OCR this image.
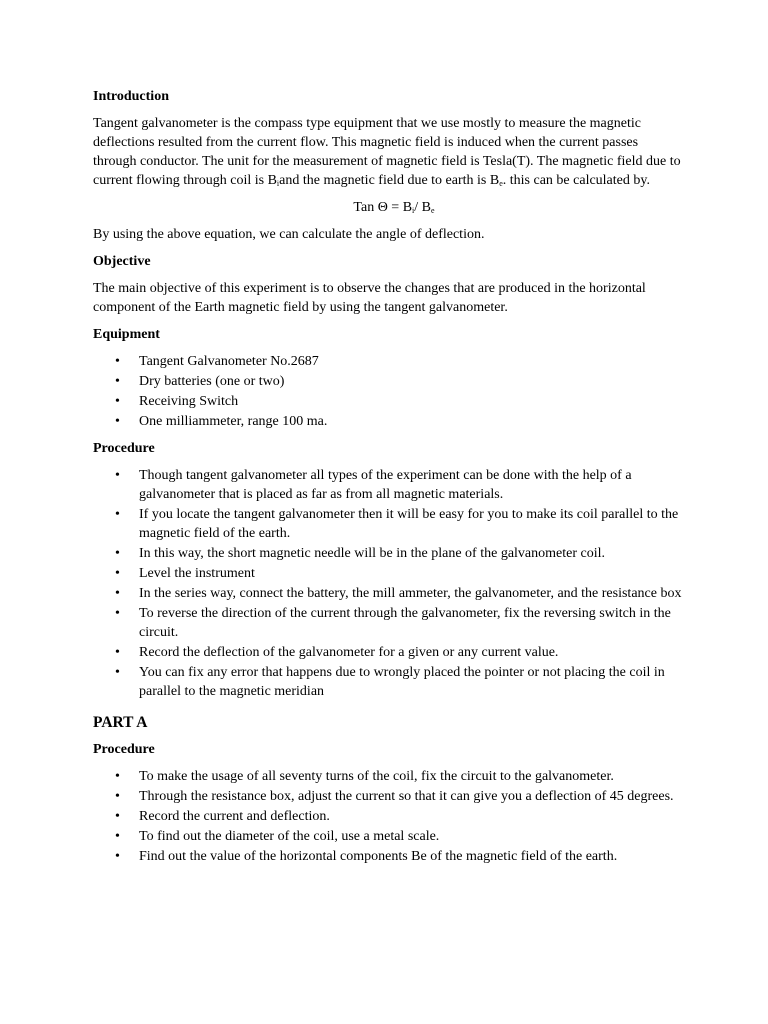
Introduction

Tangent galvanometer is the compass type equipment that we use mostly to measure the magnetic deflections resulted from the current flow. This magnetic field is induced when the current passes through conductor. The unit for the measurement of magnetic field is Tesla(T). The magnetic field due to current flowing through coil is $B_iand$ the magnetic field due to earth is $B_e$. this can be calculated by.

Tan $\Theta = B_i/$ $B_e$

By using the above equation, we can calculate the angle of deflection.

Objective

The main objective of this experiment is to observe the changes that are produced in the horizontal component of the Earth magnetic field by using the tangent galvanometer.

Equipment
• Tangent Galvanometer No.2687
• Dry batteries (one or two)
• Receiving Switch
• One milliammeter, range 100 ma.
Procedure
• Though tangent galvanometer all types of the experiment can be done with the help of a galvanometer that is placed as far as from all magnetic materials.
• If you locate the tangent galvanometer then it will be easy for you to make its coil parallel to the magnetic field of the earth.
• In this way, the short magnetic needle will be in the plane of the galvanometer coil.
• Level the instrument
• In the series way, connect the battery, the mill ammeter, the galvanometer, and the resistance box
• To reverse the direction of the current through the galvanometer, fix the reversing switch in the circuit.
• Record the deflection of the galvanometer for a given or any current value.
• You can fix any error that happens due to wrongly placed the pointer or not placing the coil in parallel to the magnetic meridian
PART A
Procedure
• To make the usage of all seventy turns of the coil, fix the circuit to the galvanometer.
• Through the resistance box, adjust the current so that it can give you a deflection of 45 degrees.
• Record the current and deflection.
• To find out the diameter of the coil, use a metal scale.
• Find out the value of the horizontal components Be of the magnetic field of the earth.
